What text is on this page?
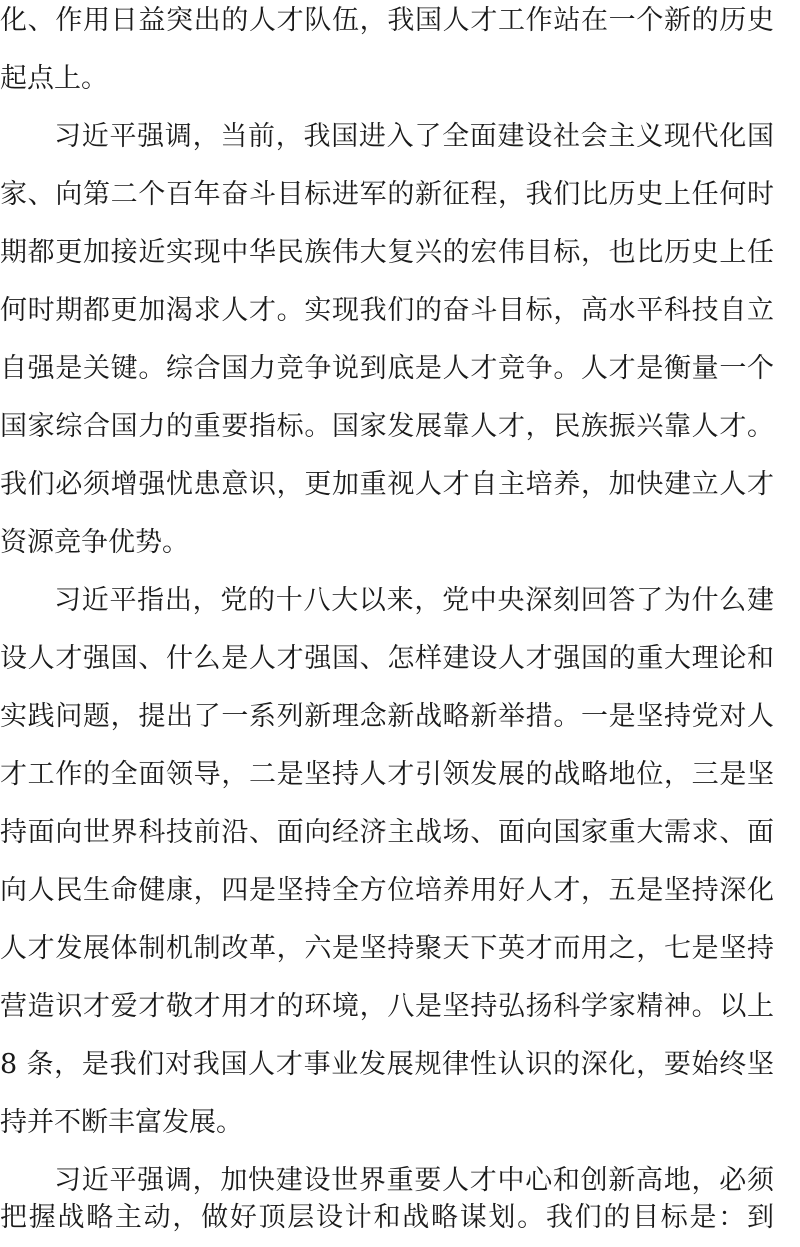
化、作用日益突出的人才队伍，我国人才工作站在一个新的历史
起点上。
习近平强调，当前，我国进入了全面建设社会主义现代化国
家、向第二个百年奋斗目标进军的新征程，我们比历史上任何时
期都更加接近实现中华民族伟大复兴的宏伟目标，也比历史上任
何时期都更加渴求人才。实现我们的奋斗目标，高水平科技自立
自强是关键。综合国力竞争说到底是人才竞争。人才是衡量一个
国家综合国力的重要指标。国家发展靠人才，民族振兴靠人才。
我们必须增强忧患意识，更加重视人才自主培养，加快建立人才
资源竞争优势。
习近平指出，党的十八大以来，党中央深刻回答了为什么建
设人才强国、什么是人才强国、怎样建设人才强国的重大理论和
实践问题，提出了一系列新理念新战略新举措。一是坚持党对人
才工作的全面领导，二是坚持人才引领发展的战略地位，三是坚
持面向世界科技前沿、面向经济主战场、面向国家重大需求、面
向人民生命健康，四是坚持全方位培养用好人才，五是坚持深化
人才发展体制机制改革，六是坚持聚天下英才而用之，七是坚持
营造识才爱才敬才用才的环境，八是坚持弘扬科学家精神。以上
8 条，是我们对我国人才事业发展规律性认识的深化，要始终坚
持并不断丰富发展。
习近平强调，加快建设世界重要人才中心和创新高地，必须
把握战略主动，做好顶层设计和战略谋划。我们的目标是：到
